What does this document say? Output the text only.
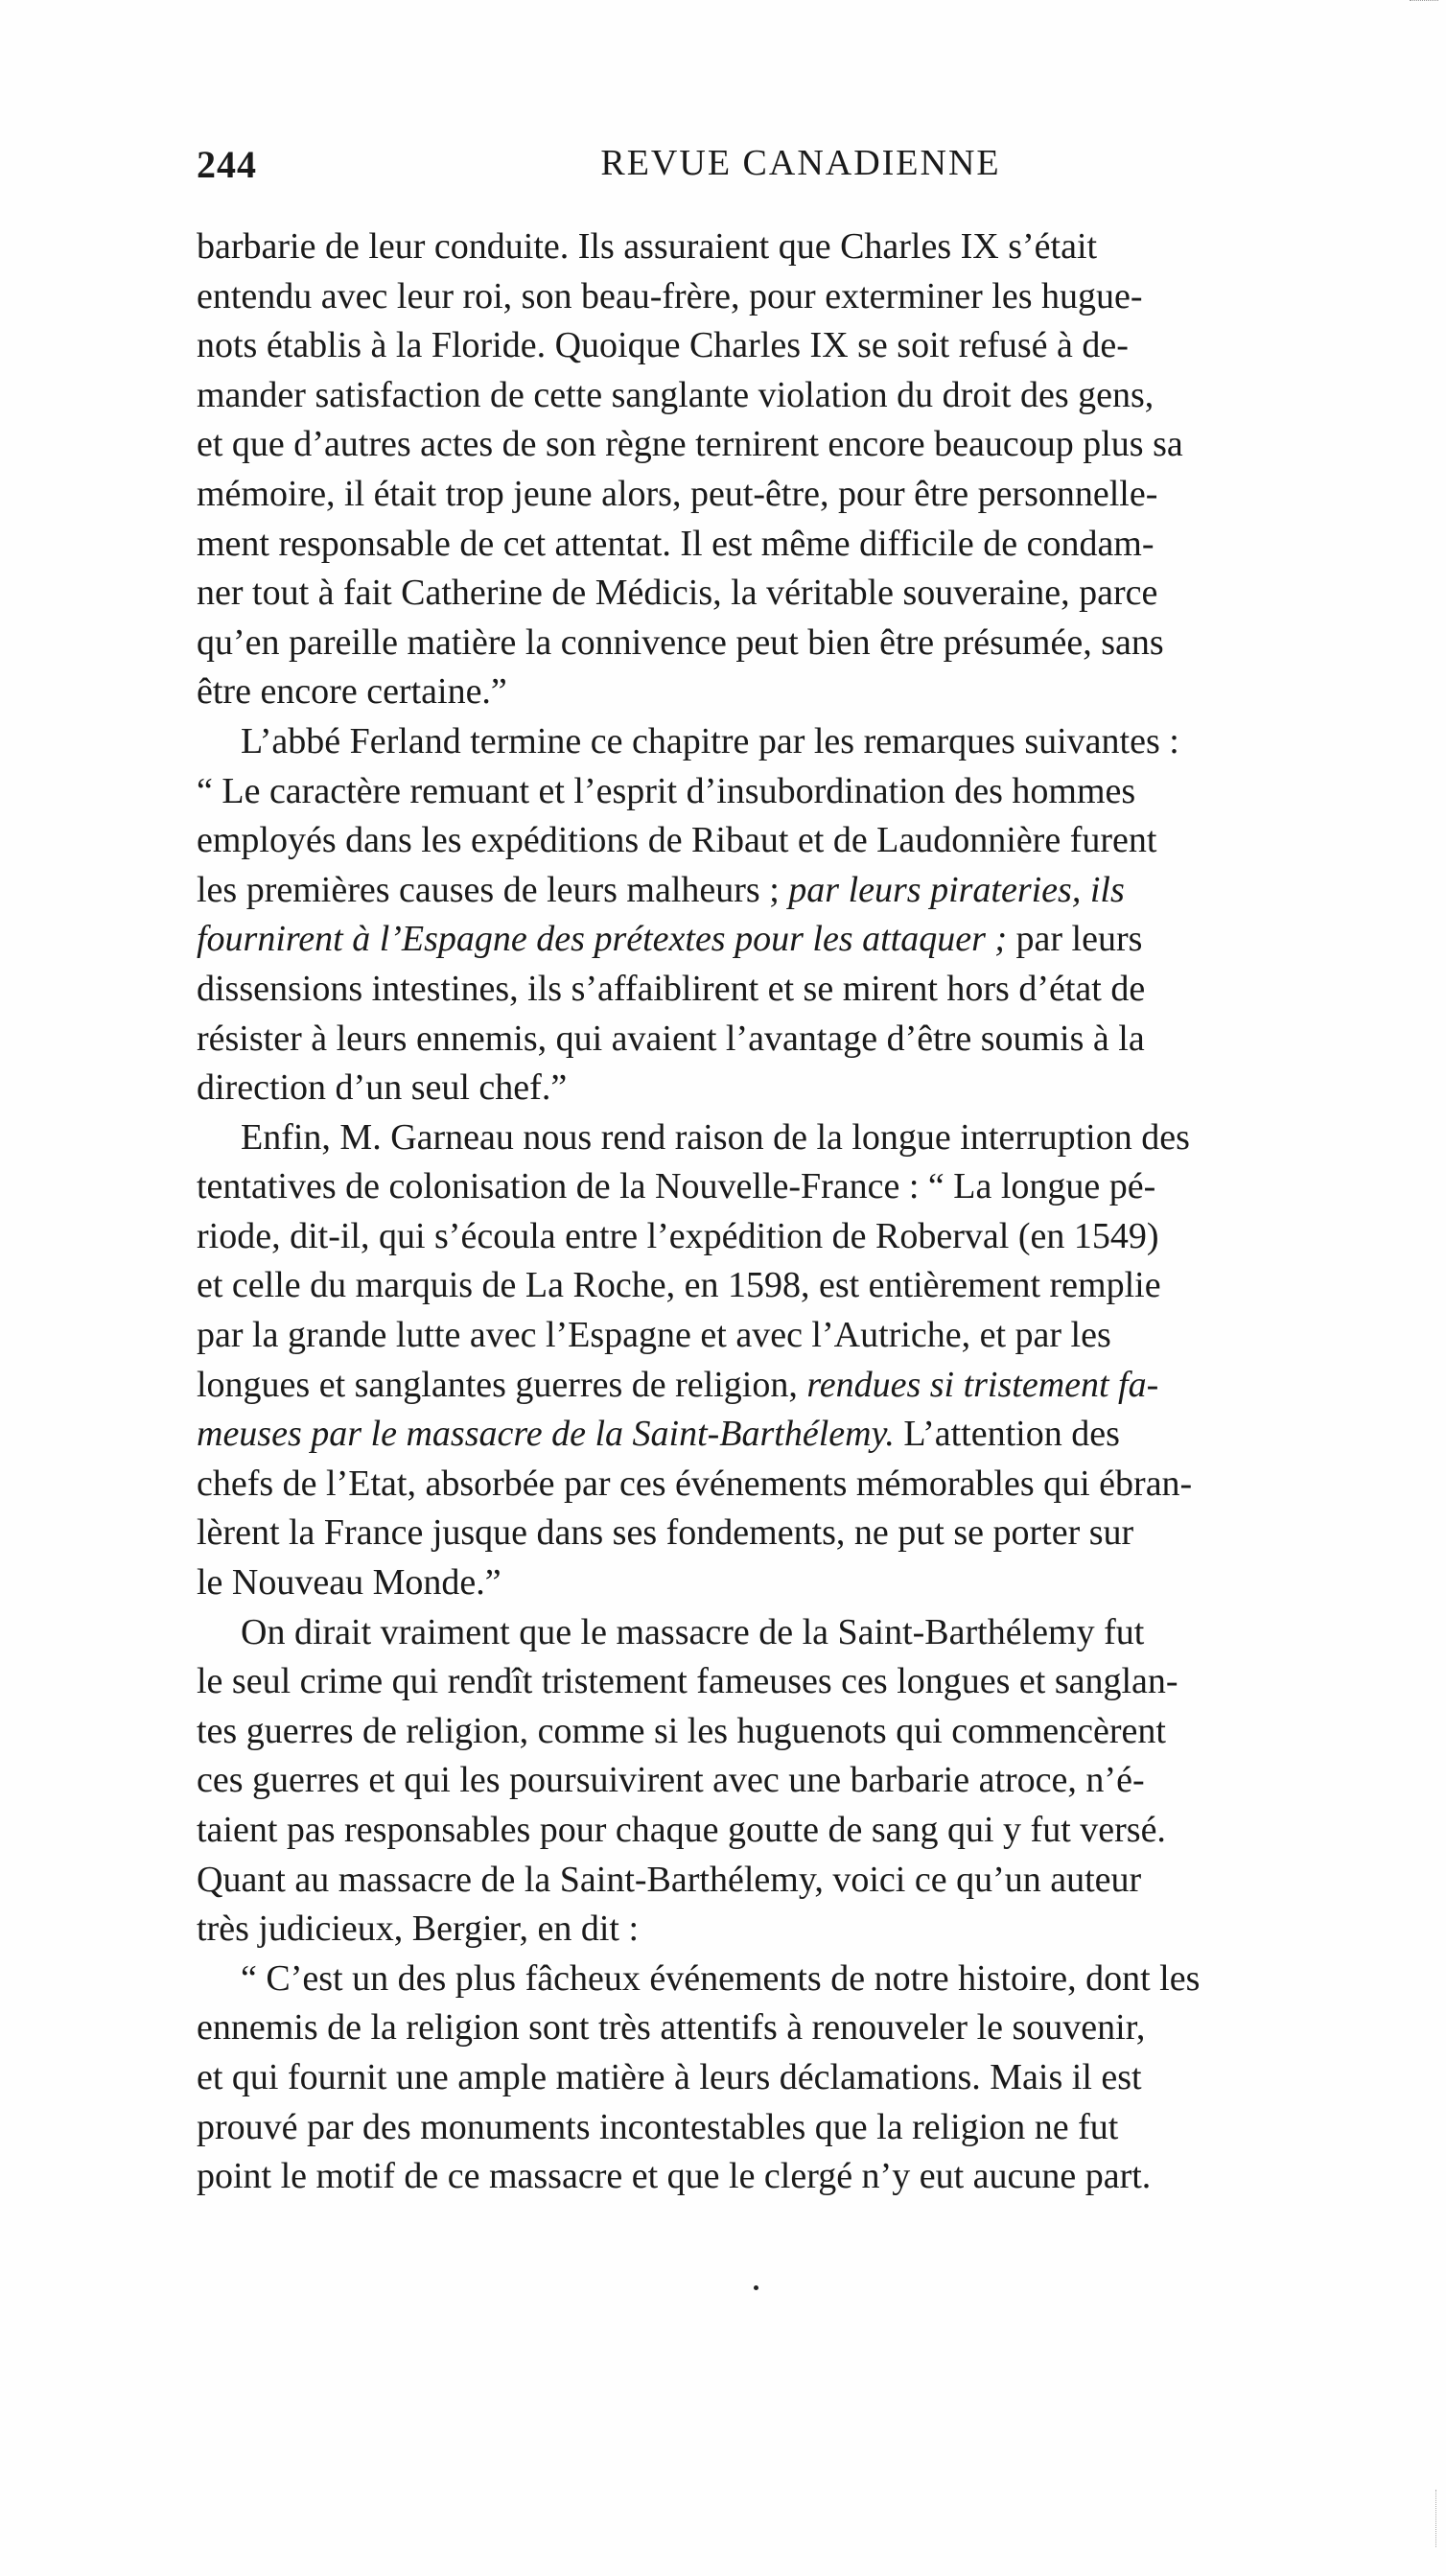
244	REVUE CANADIENNE
barbarie de leur conduite. Ils assuraient que Charles IX s’était
entendu avec leur roi, son beau-frère, pour exterminer les hugue-
nots établis à la Floride. Quoique Charles IX se soit refusé à de-
mander satisfaction de cette sanglante violation du droit des gens,
et que d’autres actes de son règne ternirent encore beaucoup plus sa
mémoire, il était trop jeune alors, peut-être, pour être personnelle-
ment responsable de cet attentat. Il est même difficile de condam-
ner tout à fait Catherine de Médicis, la véritable souveraine, parce
qu’en pareille matière la connivence peut bien être présumée, sans
être encore certaine.”
L’abbé Ferland termine ce chapitre par les remarques suivantes :
“ Le caractère remuant et l’esprit d’insubordination des hommes
employés dans les expéditions de Ribaut et de Laudonnière furent
les premières causes de leurs malheurs ; par leurs pirateries, ils
fournirent à l’Espagne des prétextes pour les attaquer ; par leurs
dissensions intestines, ils s’affaiblirent et se mirent hors d’état de
résister à leurs ennemis, qui avaient l’avantage d’être soumis à la
direction d’un seul chef.”
Enfin, M. Garneau nous rend raison de la longue interruption des
tentatives de colonisation de la Nouvelle-France : “ La longue pé-
riode, dit-il, qui s’écoula entre l’expédition de Roberval (en 1549)
et celle du marquis de La Roche, en 1598, est entièrement remplie
par la grande lutte avec l’Espagne et avec l’Autriche, et par les
longues et sanglantes guerres de religion, rendues si tristement fa-
meuses par le massacre de la Saint-Barthélemy. L’attention des
chefs de l’Etat, absorbée par ces événements mémorables qui ébran-
lèrent la France jusque dans ses fondements, ne put se porter sur
le Nouveau Monde.”
On dirait vraiment que le massacre de la Saint-Barthélemy fut
le seul crime qui rendît tristement fameuses ces longues et sanglan-
tes guerres de religion, comme si les huguenots qui commencèrent
ces guerres et qui les poursuivirent avec une barbarie atroce, n’é-
taient pas responsables pour chaque goutte de sang qui y fut versé.
Quant au massacre de la Saint-Barthélemy, voici ce qu’un auteur
très judicieux, Bergier, en dit :
“ C’est un des plus fâcheux événements de notre histoire, dont les
ennemis de la religion sont très attentifs à renouveler le souvenir,
et qui fournit une ample matière à leurs déclamations. Mais il est
prouvé par des monuments incontestables que la religion ne fut
point le motif de ce massacre et que le clergé n’y eut aucune part.
